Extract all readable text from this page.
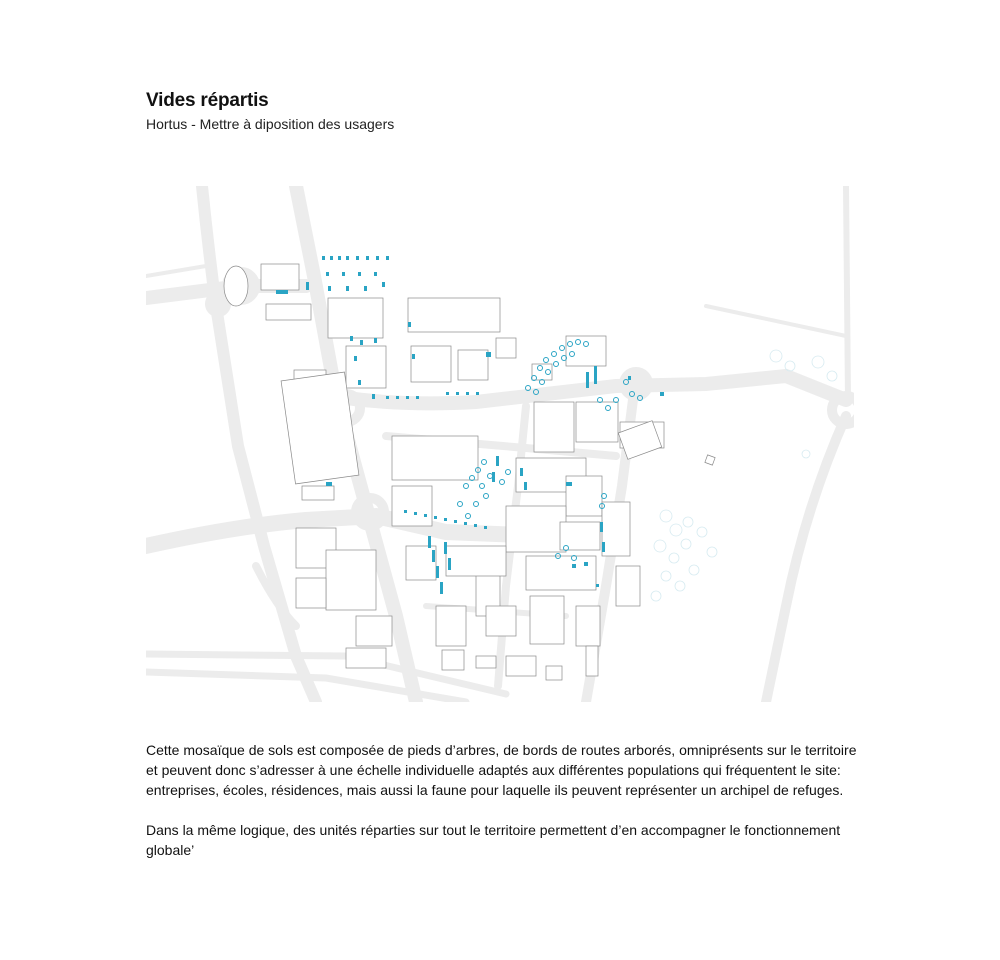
Vides répartis
Hortus - Mettre à diposition des usagers

Cette mosaïque de sols est composée de pieds d’arbres, de bords de routes arborés, omniprésents sur le territoire et peuvent donc s’adresser à une échelle individuelle adaptés aux différentes populations qui fréquentent le site: entreprises, écoles, résidences, mais aussi la faune pour laquelle ils peuvent représenter un archipel de refuges.

Dans la même logique, des unités réparties sur tout le territoire permettent d’en accompagner le fonctionnement globale’
